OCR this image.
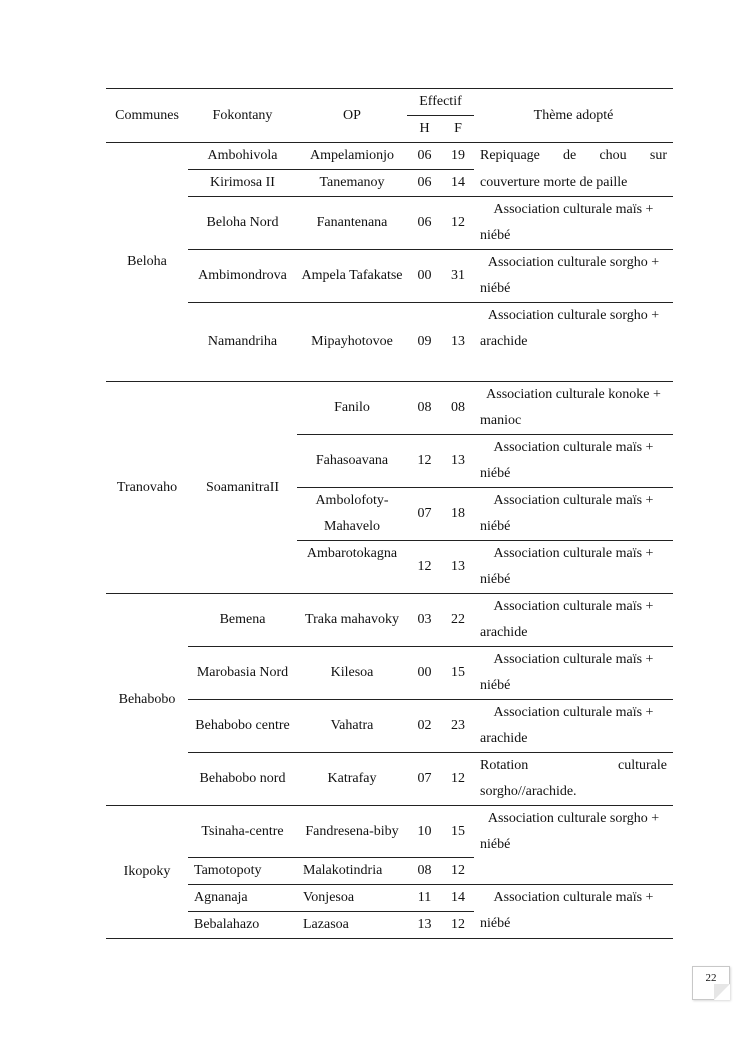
Communes	Fokontany	OP	Effectif		Thème adopté
			H	F	
Beloha	Ambohivola	Ampelamionjo	06	19	Repiquage de chou sur
	Kirimosa II	Tanemanoy	06	14	couverture morte de paille
	Beloha Nord	Fanantenana	06	12	Association culturale maïs + niébé
	Ambimondrova	Ampela Tafakatse	00	31	Association culturale sorgho + niébé
	Namandriha	Mipayhotovoe	09	13	Association culturale sorgho + arachide
Tranovaho	SoamanitraII	Fanilo	08	08	Association culturale konoke + manioc
		Fahasoavana	12	13	Association culturale maïs + niébé
		Ambolofoty-Mahavelo	07	18	Association culturale maïs + niébé
		Ambarotokagna	12	13	Association culturale maïs + niébé
Behabobo	Bemena	Traka mahavoky	03	22	Association culturale maïs + arachide
	Marobasia Nord	Kilesoa	00	15	Association culturale maïs + niébé
	Behabobo centre	Vahatra	02	23	Association culturale maïs + arachide
	Behabobo nord	Katrafay	07	12	Rotation culturale
sorgho//arachide.

Ikopoky	Tsinaha-centre	Fandresena-biby	10	15	Association culturale sorgho + niébé
	Tamotopoty	Malakotindria	08	12	
	Agnanaja	Vonjesoa	11	14	Association culturale maïs + niébé
	Bebalahazo	Lazasoa	13	12	
22
